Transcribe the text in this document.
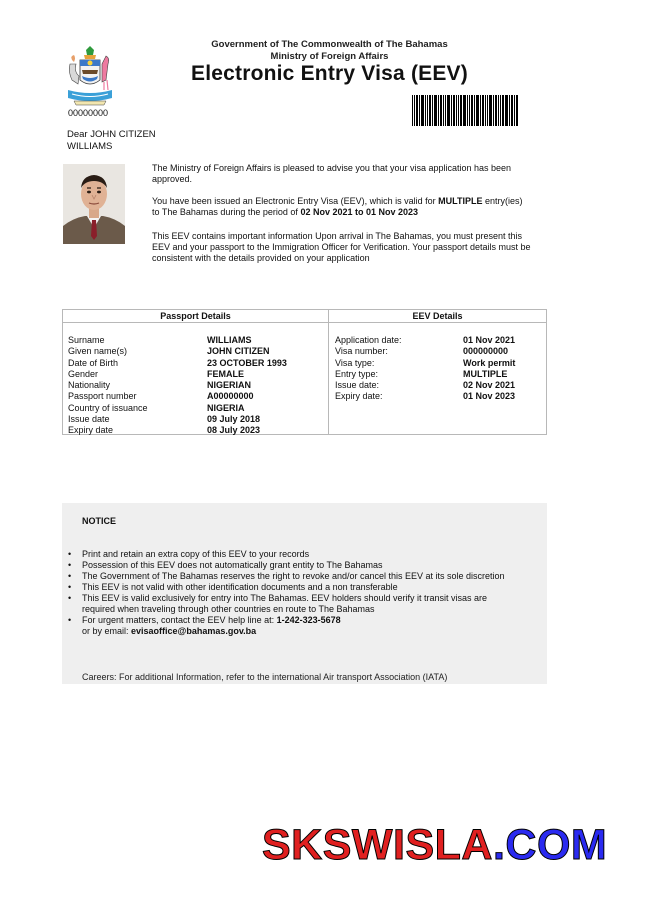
Government of The Commonwealth of The Bahamas
Ministry of Foreign Affairs
Electronic Entry Visa (EEV)
00000000
Dear JOHN CITIZEN
WILLIAMS
The Ministry of Foreign Affairs is pleased to advise you that your visa application has been approved.
You have been issued an Electronic Entry Visa (EEV), which is valid for MULTIPLE entry(ies) to The Bahamas during the period of 02 Nov 2021 to 01 Nov 2023
This EEV contains important information Upon arrival in The Bahamas, you must present this EEV and your passport to the Immigration Officer for Verification. Your passport details must be consistent with the details provided on your application
Passport Details
Surname	WILLIAMS
Given name(s)	JOHN CITIZEN
Date of Birth	23 OCTOBER 1993
Gender	FEMALE
Nationality	NIGERIAN
Passport number	A00000000
Country of issuance	NIGERIA
Issue date	09 July 2018
Expiry date	08 July 2023
EEV Details
Application date:	01 Nov 2021
Visa number:	000000000
Visa type:	Work permit
Entry type:	MULTIPLE
Issue date:	02 Nov 2021
Expiry date:	01 Nov 2023
NOTICE
• Print and retain an extra copy of this EEV to your records
• Possession of this EEV does not automatically grant entity to The Bahamas
• The Government of The Bahamas reserves the right to revoke and/or cancel this EEV at its sole discretion
• This EEV is not valid with other identification documents and a non transferable
• This EEV is valid exclusively for entry into The Bahamas. EEV holders should verify it transit visas are required when traveling through other countries en route to The Bahamas
• For urgent matters, contact the EEV help line at: 1-242-323-5678
or by email: evisaoffice@bahamas.gov.ba
Careers: For additional Information, refer to the international Air transport Association (IATA)
SKSWISLA.COM
